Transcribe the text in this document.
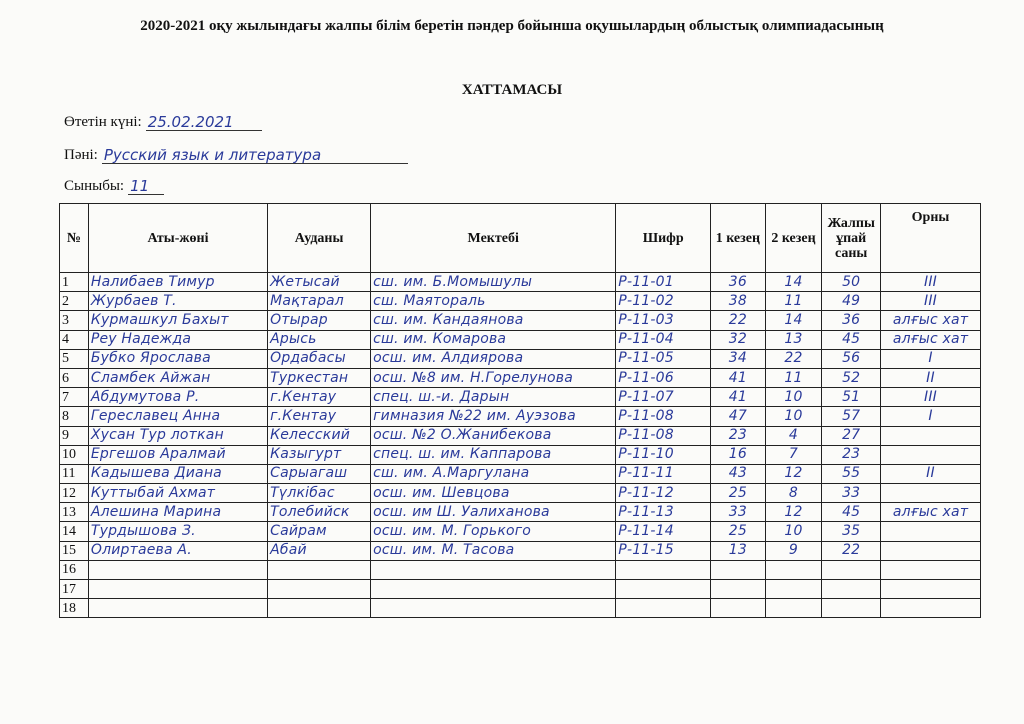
2020-2021 оқу жылындағы жалпы білім беретін пәндер бойынша оқушылардың облыстық олимпиадасының
ХАТТАМАСЫ
Өтетін күні: 25.02.2021
Пәні: Русский язык и литература
Сыныбы: 11
№	Аты-жөні	Ауданы	Мектебі	Шифр	1 кезең	2 кезең	Жалпы ұпай саны	Орны
1	Налибаев Тимур	Жетысай	сш. им. Б.Момышулы	Р-11-01	36	14	50	III
2	Журбаев Т.	Мақтарал	сш. Маятораль	Р-11-02	38	11	49	III
3	Курмашкул Бахыт	Отырар	сш. им. Кандаянова	Р-11-03	22	14	36	алғыс хат
4	Реу Надежда	Арысь	сш. им. Комарова	Р-11-04	32	13	45	алғыс хат
5	Бубко Ярослава	Ордабасы	осш. им. Алдиярова	Р-11-05	34	22	56	I
6	Сламбек Айжан	Туркестан	осш. №8 им. Н.Горелунова	Р-11-06	41	11	52	II
7	Абдумутова Р.	г.Кентау	спец. ш.-и. Дарын	Р-11-07	41	10	51	III
8	Гереславец Анна	г.Кентау	гимназия №22 им. Ауэзова	Р-11-08	47	10	57	I
9	Хусан Тур лоткан	Келесский	осш. №2 О.Жанибекова	Р-11-08	23	4	27	
10	Ергешов Аралмай	Казыгурт	спец. ш. им. Каппарова	Р-11-10	16	7	23	
11	Кадышева Диана	Сарыагаш	сш. им. А.Маргулана	Р-11-11	43	12	55	II
12	Куттыбай Ахмат	Түлкібас	осш. им. Шевцова	Р-11-12	25	8	33	
13	Алешина Марина	Толебийск	осш. им Ш. Уалиханова	Р-11-13	33	12	45	алғыс хат
14	Турдышова З.	Сайрам	осш. им. М. Горького	Р-11-14	25	10	35	
15	Олиртаева А.	Абай	осш. им. М. Тасова	Р-11-15	13	9	22	
16								
17								
18								
